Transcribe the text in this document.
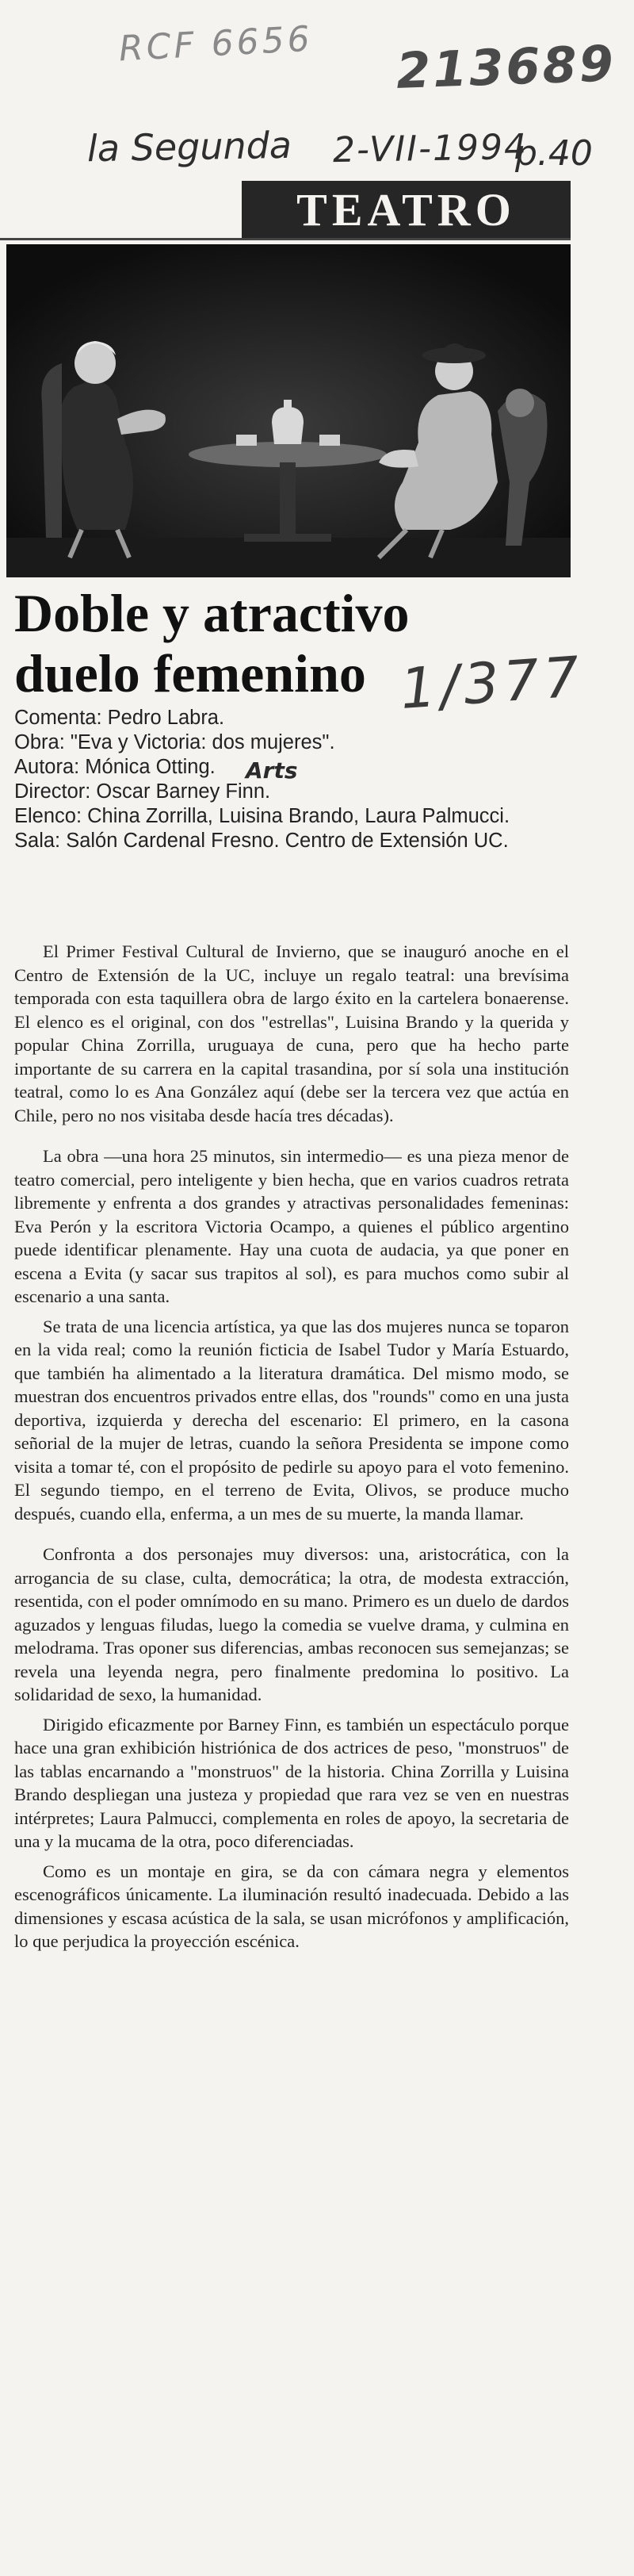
RCF 6656 213689
la Segunda 2-VII-1994
p.40
TEATRO
Doble y atractivo duelo femenino 1/377
Arts
Comenta: Pedro Labra.
Obra: "Eva y Victoria: dos mujeres".
Autora: Mónica Otting.
Director: Oscar Barney Finn.
Elenco: China Zorrilla, Luisina Brando, Laura Palmucci.
Sala: Salón Cardenal Fresno. Centro de Extensión UC.

El Primer Festival Cultural de Invierno, que se inauguró anoche en el Centro de Extensión de la UC, incluye un regalo teatral: una brevísima temporada con esta taquillera obra de largo éxito en la cartelera bonaerense. El elenco es el original, con dos "estrellas", Luisina Brando y la querida y popular China Zorrilla, uruguaya de cuna, pero que ha hecho parte importante de su carrera en la capital trasandina, por sí sola una institución teatral, como lo es Ana González aquí (debe ser la tercera vez que actúa en Chile, pero no nos visitaba desde hacía tres décadas).

La obra —una hora 25 minutos, sin intermedio— es una pieza menor de teatro comercial, pero inteligente y bien hecha, que en varios cuadros retrata libremente y enfrenta a dos grandes y atractivas personalidades femeninas: Eva Perón y la escritora Victoria Ocampo, a quienes el público argentino puede identificar plenamente. Hay una cuota de audacia, ya que poner en escena a Evita (y sacar sus trapitos al sol), es para muchos como subir al escenario a una santa.

Se trata de una licencia artística, ya que las dos mujeres nunca se toparon en la vida real; como la reunión ficticia de Isabel Tudor y María Estuardo, que también ha alimentado a la literatura dramática. Del mismo modo, se muestran dos encuentros privados entre ellas, dos "rounds" como en una justa deportiva, izquierda y derecha del escenario: El primero, en la casona señorial de la mujer de letras, cuando la señora Presidenta se impone como visita a tomar té, con el propósito de pedirle su apoyo para el voto femenino. El segundo tiempo, en el terreno de Evita, Olivos, se produce mucho después, cuando ella, enferma, a un mes de su muerte, la manda llamar.

Confronta a dos personajes muy diversos: una, aristocrática, con la arrogancia de su clase, culta, democrática; la otra, de modesta extracción, resentida, con el poder omnímodo en su mano. Primero es un duelo de dardos aguzados y lenguas filudas, luego la comedia se vuelve drama, y culmina en melodrama. Tras oponer sus diferencias, ambas reconocen sus semejanzas; se revela una leyenda negra, pero finalmente predomina lo positivo. La solidaridad de sexo, la humanidad.

Dirigido eficazmente por Barney Finn, es también un espectáculo porque hace una gran exhibición histriónica de dos actrices de peso, "monstruos" de las tablas encarnando a "monstruos" de la historia. China Zorrilla y Luisina Brando despliegan una justeza y propiedad que rara vez se ven en nuestras intérpretes; Laura Palmucci, complementa en roles de apoyo, la secretaria de una y la mucama de la otra, poco diferenciadas.

Como es un montaje en gira, se da con cámara negra y elementos escenográficos únicamente. La iluminación resultó inadecuada. Debido a las dimensiones y escasa acústica de la sala, se usan micrófonos y amplificación, lo que perjudica la proyección escénica.
